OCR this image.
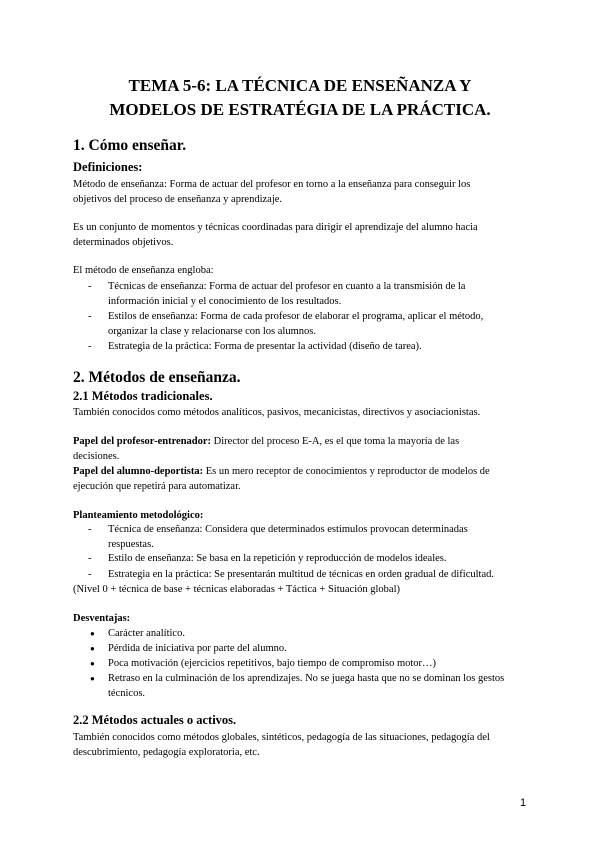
TEMA 5-6: LA TÉCNICA DE ENSEÑANZA Y
MODELOS DE ESTRATÉGIA DE LA PRÁCTICA.
1. Cómo enseñar.
Definiciones:
Método de enseñanza: Forma de actuar del profesor en torno a la enseñanza para conseguir los
objetivos del proceso de enseñanza y aprendizaje.
Es un conjunto de momentos y técnicas coordinadas para dirigir el aprendizaje del alumno hacia
determinados objetivos.
El método de enseñanza engloba:
- Técnicas de enseñanza: Forma de actuar del profesor en cuanto a la transmisión de la
información inicial y el conocimiento de los resultados.
- Estilos de enseñanza: Forma de cada profesor de elaborar el programa, aplicar el método,
organizar la clase y relacionarse con los alumnos.
- Estrategia de la práctica: Forma de presentar la actividad (diseño de tarea).
2. Métodos de enseñanza.
2.1 Métodos tradicionales.
También conocidos como métodos analíticos, pasivos, mecanicistas, directivos y asociacionistas.
Papel del profesor-entrenador: Director del proceso E-A, es el que toma la mayoría de las
decisiones.
Papel del alumno-deportista: Es un mero receptor de conocimientos y reproductor de modelos de
ejecución que repetirá para automatizar.
Planteamiento metodológico:
- Técnica de enseñanza: Considera que determinados estímulos provocan determinadas
respuestas.
- Estilo de enseñanza: Se basa en la repetición y reproducción de modelos ideales.
- Estrategia en la práctica: Se presentarán multitud de técnicas en orden gradual de dificultad.
(Nivel 0 + técnica de base + técnicas elaboradas + Táctica + Situación global)
Desventajas:
● Carácter analítico.
● Pérdida de iniciativa por parte del alumno.
● Poca motivación (ejercicios repetitivos, bajo tiempo de compromiso motor…)
● Retraso en la culminación de los aprendizajes. No se juega hasta que no se dominan los gestos
técnicos.
2.2 Métodos actuales o activos.
También conocidos como métodos globales, sintéticos, pedagogía de las situaciones, pedagogía del
descubrimiento, pedagogía exploratoria, etc.
1
